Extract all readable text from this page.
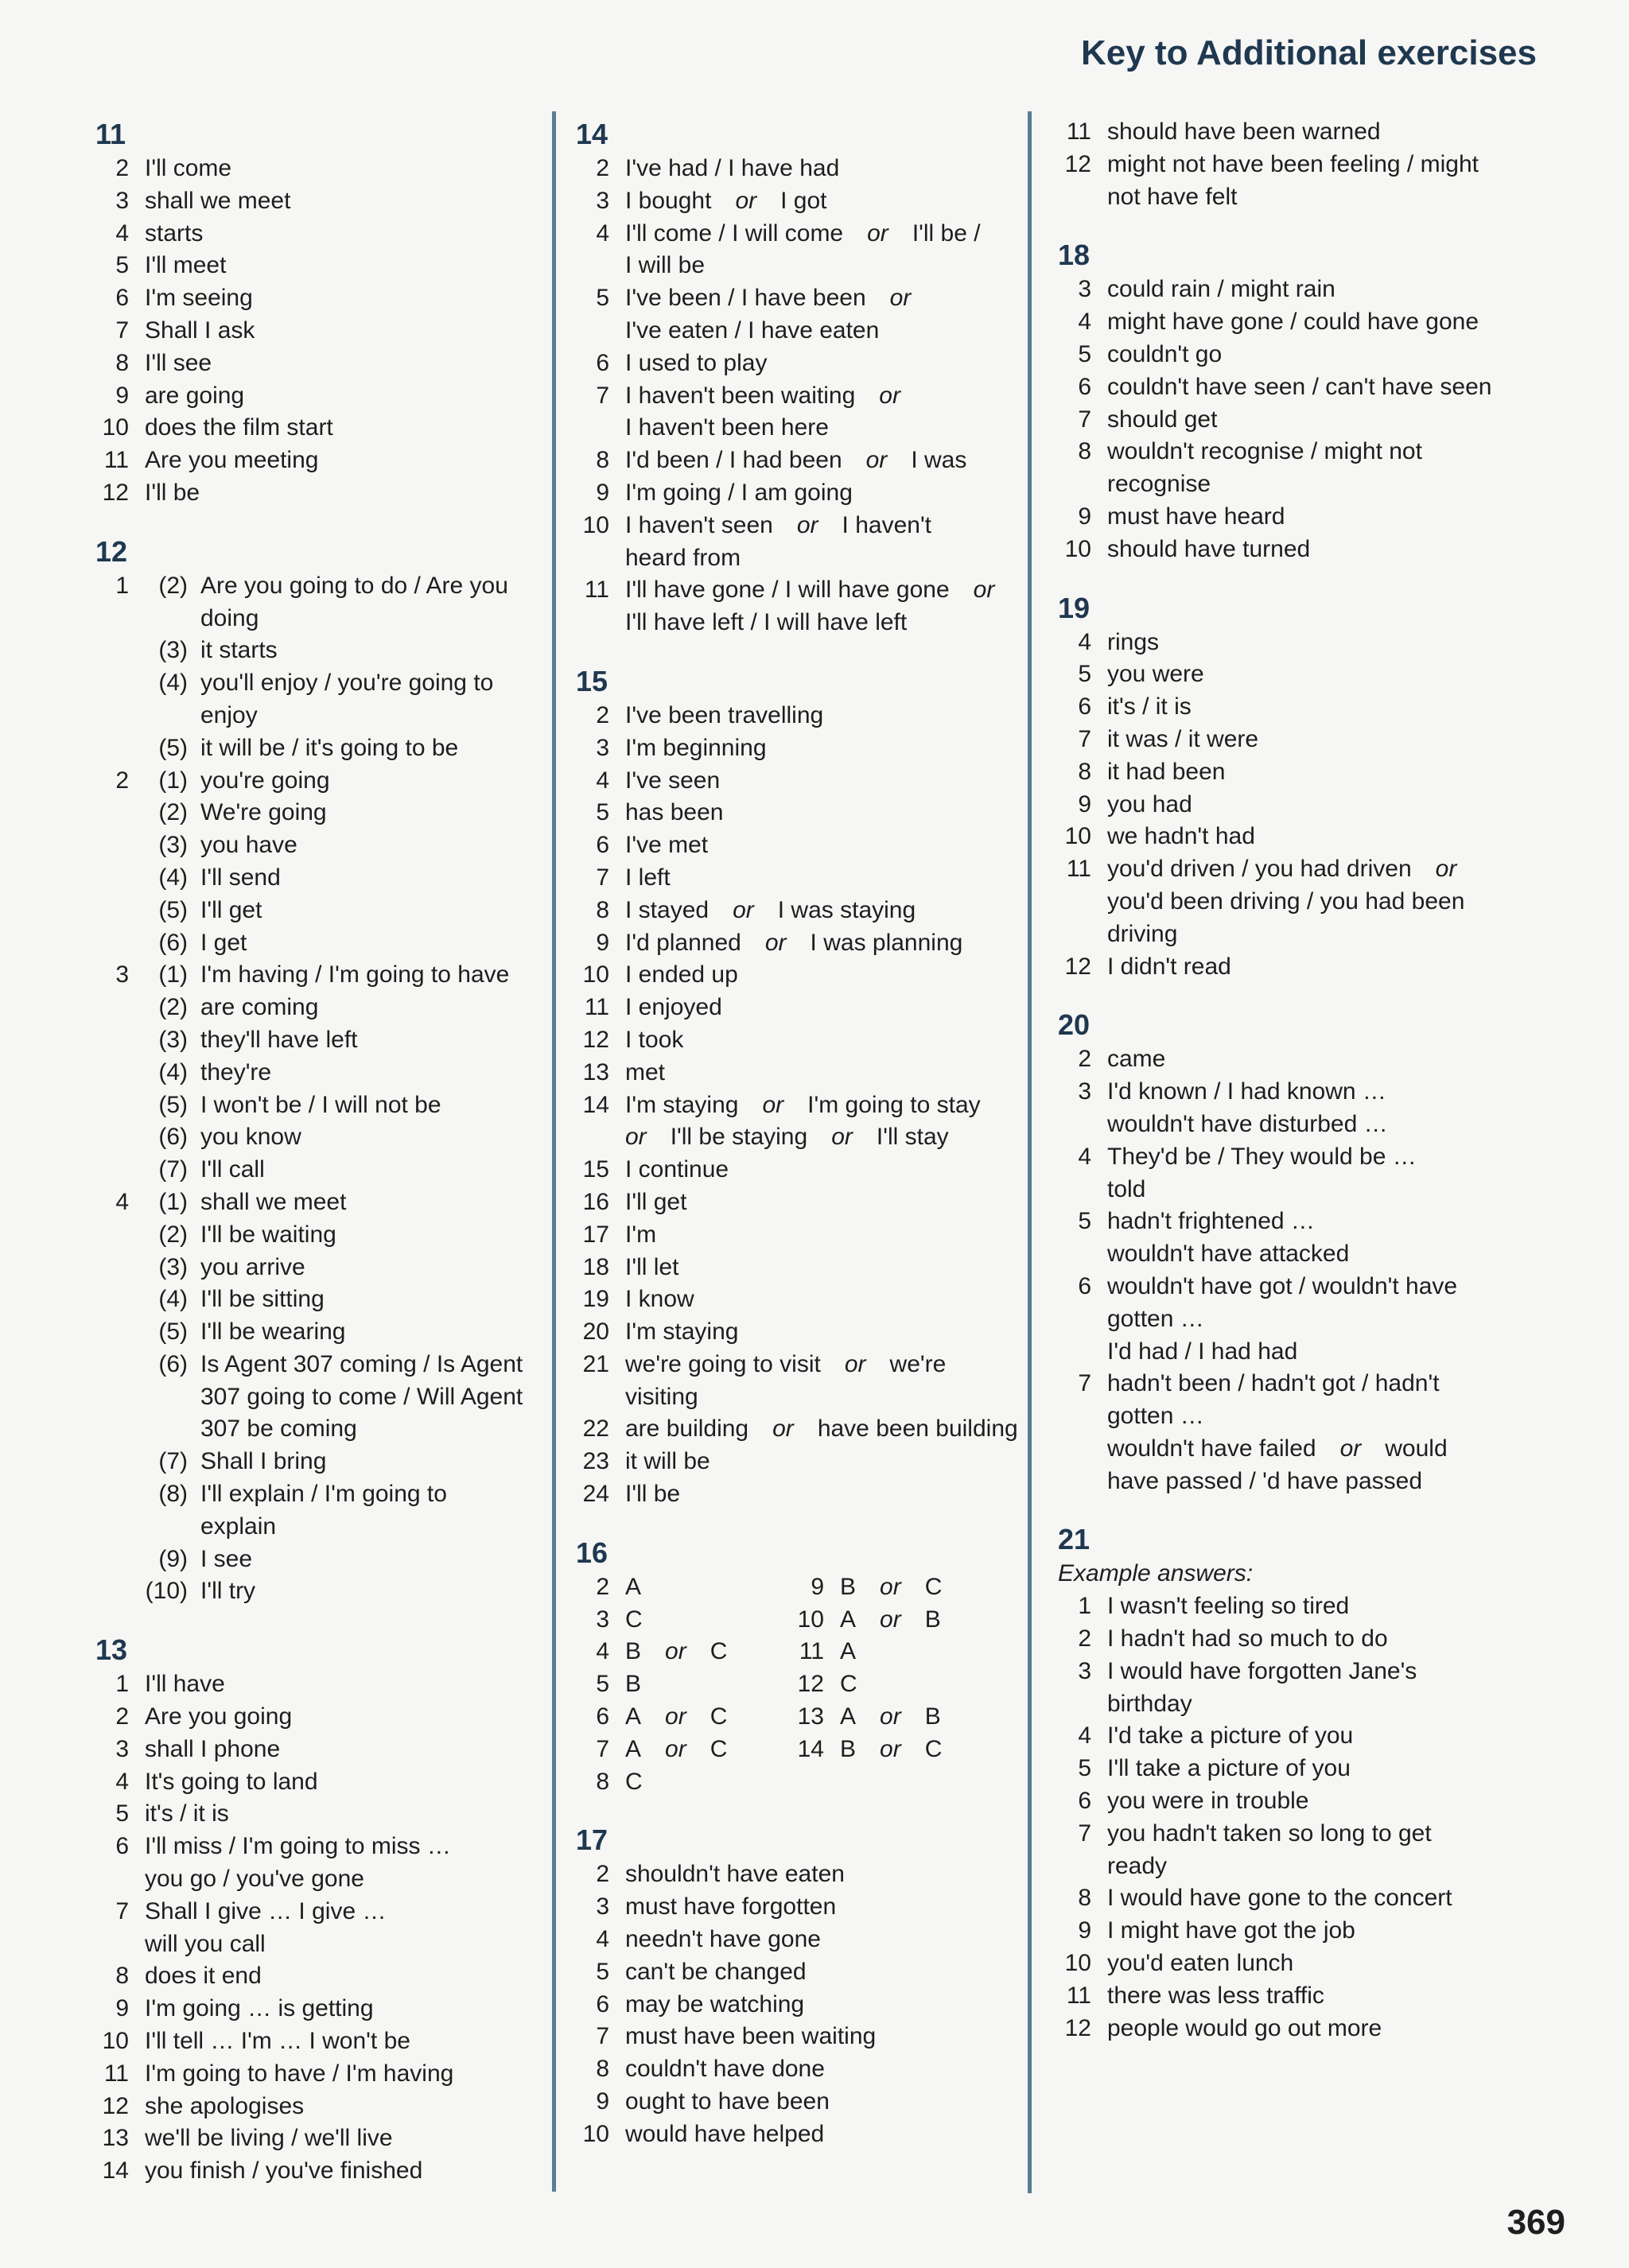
Key to Additional exercises
11
2 I'll come
3 shall we meet
4 starts
5 I'll meet
6 I'm seeing
7 Shall I ask
8 I'll see
9 are going
10 does the film start
11 Are you meeting
12 I'll be
12
1	(2) Are you going to do / Are you
doing
(3) it starts
(4) you'll enjoy / you're going to
enjoy
(5) it will be / it's going to be
2	(1) you're going
(2) We're going
(3) you have
(4) I'll send
(5) I'll get
(6) I get
3	(1) I'm having / I'm going to have
(2) are coming
(3) they'll have left
(4) they're
(5) I won't be / I will not be
(6) you know
(7) I'll call
4	(1) shall we meet
(2) I'll be waiting
(3) you arrive
(4) I'll be sitting
(5) I'll be wearing
(6) Is Agent 307 coming / Is Agent
307 going to come / Will Agent
307 be coming
(7) Shall I bring
(8) I'll explain / I'm going to
explain
(9) I see
(10) I'll try
13
1 I'll have
2 Are you going
3 shall I phone
4 It's going to land
5 it's / it is
6 I'll miss / I'm going to miss …
you go / you've gone
7 Shall I give … I give …
will you call
8 does it end
9 I'm going … is getting
10 I'll tell … I'm … I won't be
11 I'm going to have / I'm having
12 she apologises
13 we'll be living / we'll live
14 you finish / you've finished
14
2 I've had / I have had
3 I bought  or  I got
4 I'll come / I will come  or  I'll be /
I will be
5 I've been / I have been  or
I've eaten / I have eaten
6 I used to play
7 I haven't been waiting  or
I haven't been here
8 I'd been / I had been  or  I was
9 I'm going / I am going
10 I haven't seen  or  I haven't
heard from
11 I'll have gone / I will have gone  or
I'll have left / I will have left
15
2 I've been travelling
3 I'm beginning
4 I've seen
5 has been
6 I've met
7 I left
8 I stayed  or  I was staying
9 I'd planned  or  I was planning
10 I ended up
11 I enjoyed
12 I took
13 met
14 I'm staying  or  I'm going to stay
or  I'll be staying  or  I'll stay
15 I continue
16 I'll get
17 I'm
18 I'll let
19 I know
20 I'm staying
21 we're going to visit  or  we're
visiting
22 are building  or  have been building
23 it will be
24 I'll be
16
2 A
3 C
4 B  or  C
5 B
6 A  or  C
7 A  or  C
8 C
9 B  or  C
10 A  or  B
11 A
12 C
13 A  or  B
14 B  or  C
17
2 shouldn't have eaten
3 must have forgotten
4 needn't have gone
5 can't be changed
6 may be watching
7 must have been waiting
8 couldn't have done
9 ought to have been
10 would have helped
11 should have been warned
12 might not have been feeling / might
not have felt
18
3 could rain / might rain
4 might have gone / could have gone
5 couldn't go
6 couldn't have seen / can't have seen
7 should get
8 wouldn't recognise / might not
recognise
9 must have heard
10 should have turned
19
4 rings
5 you were
6 it's / it is
7 it was / it were
8 it had been
9 you had
10 we hadn't had
11 you'd driven / you had driven  or
you'd been driving / you had been
driving
12 I didn't read
20
2 came
3 I'd known / I had known …
wouldn't have disturbed …
4 They'd be / They would be …
told
5 hadn't frightened …
wouldn't have attacked
6 wouldn't have got / wouldn't have
gotten …
I'd had / I had had
7 hadn't been / hadn't got / hadn't
gotten …
wouldn't have failed  or  would
have passed / 'd have passed
21
Example answers:
1 I wasn't feeling so tired
2 I hadn't had so much to do
3 I would have forgotten Jane's
birthday
4 I'd take a picture of you
5 I'll take a picture of you
6 you were in trouble
7 you hadn't taken so long to get
ready
8 I would have gone to the concert
9 I might have got the job
10 you'd eaten lunch
11 there was less traffic
12 people would go out more
369
